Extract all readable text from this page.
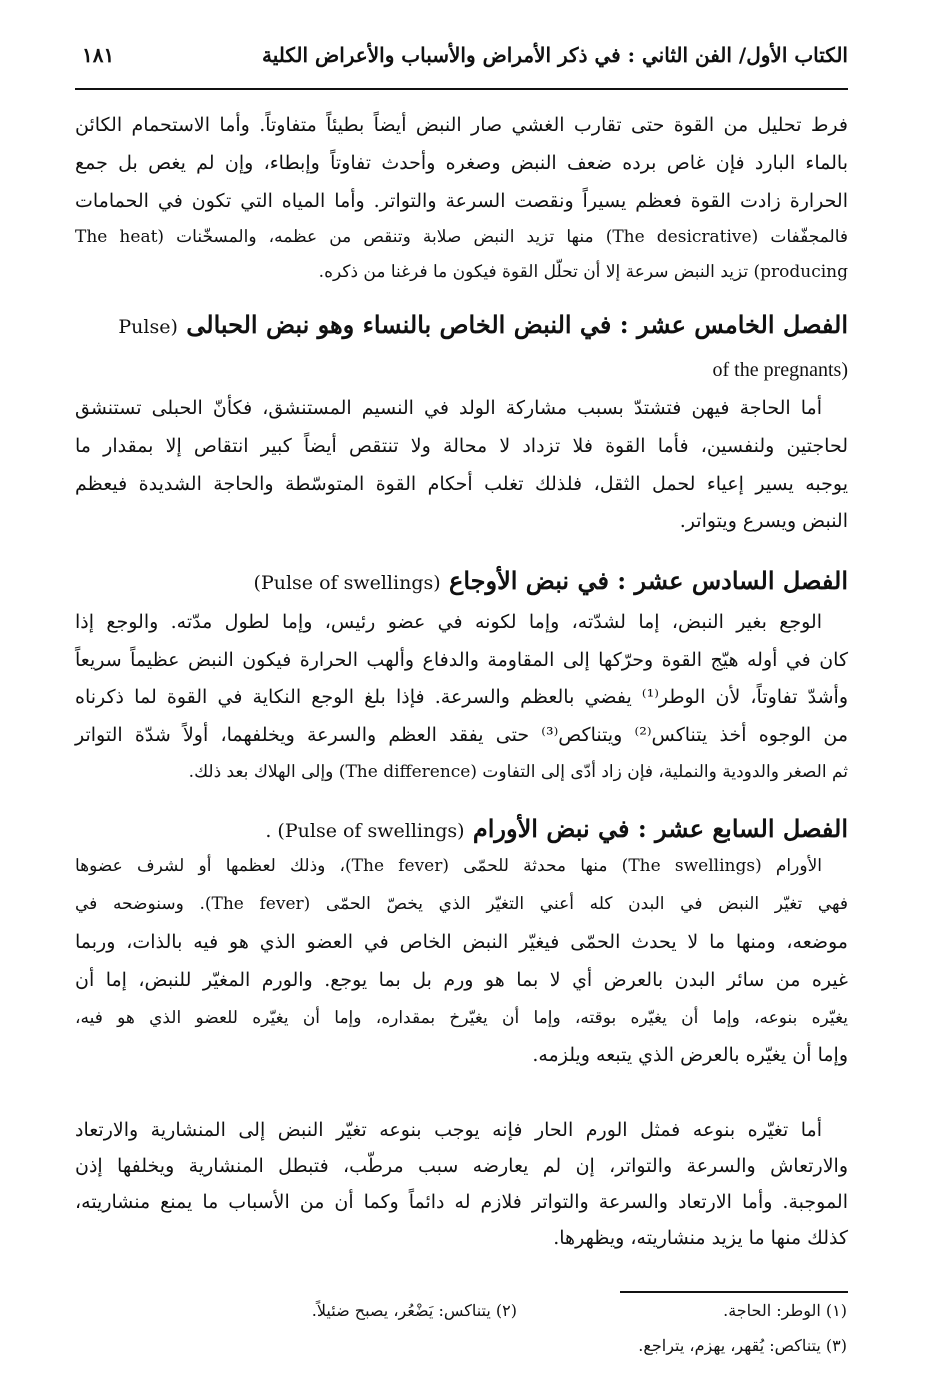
الكتاب الأول/ الفن الثاني : في ذكر الأمراض والأسباب والأعراض الكلية
١٨١
فرط تحليل من القوة حتى تقارب الغشي صار النبض أيضاً بطيئاً متفاوتاً. وأما الاستحمام الكائن
بالماء البارد فإن غاص برده ضعف النبض وصغره وأحدث تفاوتاً وإبطاء، وإن لم يغص بل جمع
الحرارة زادت القوة فعظم يسيراً ونقصت السرعة والتواتر. وأما المياه التي تكون في الحمامات
فالمجفّفات (The desicrative) منها تزيد النبض صلابة وتنقص من عظمه، والمسخّنات (The heat
producing) تزيد النبض سرعة إلا أن تحلّل القوة فيكون ما فرغنا من ذكره.
الفصل الخامس عشر : في النبض الخاص بالنساء وهو نبض الحبالى (Pulse
of the pregnants)
أما الحاجة فيهن فتشتدّ بسبب مشاركة الولد في النسيم المستنشق، فكأنّ الحبلى تستنشق
لحاجتين ولنفسين، فأما القوة فلا تزداد لا محالة ولا تنتقص أيضاً كبير انتقاص إلا بمقدار ما
يوجبه يسير إعياء لحمل الثقل، فلذلك تغلب أحكام القوة المتوسّطة والحاجة الشديدة فيعظم
النبض ويسرع ويتواتر.
الفصل السادس عشر : في نبض الأوجاع (Pulse of swellings)
الوجع بغير النبض، إما لشدّته، وإما لكونه في عضو رئيس، وإما لطول مدّته. والوجع إذا
كان في أوله هيّج القوة وحرّكها إلى المقاومة والدفاع وألهب الحرارة فيكون النبض عظيماً سريعاً
وأشدّ تفاوتاً، لأن الوطر⁽¹⁾ يفضي بالعظم والسرعة. فإذا بلغ الوجع النكاية في القوة لما ذكرناه
من الوجوه أخذ يتناكس⁽²⁾ ويتناكص⁽³⁾ حتى يفقد العظم والسرعة ويخلفهما، أولاً شدّة التواتر
ثم الصغر والدودية والنملية، فإن زاد أدّى إلى التفاوت (The difference) وإلى الهلاك بعد ذلك.
الفصل السابع عشر : في نبض الأورام (Pulse of swellings) .
الأورام (The swellings) منها محدثة للحمّى (The fever)، وذلك لعظمها أو لشرف عضوها
فهي تغيّر النبض في البدن كله أعني التغيّر الذي يخصّ الحمّى (The fever). وسنوضحه في
موضعه، ومنها ما لا يحدث الحمّى فيغيّر النبض الخاص في العضو الذي هو فيه بالذات، وربما
غيره من سائر البدن بالعرض أي لا بما هو ورم بل بما يوجع. والورم المغيّر للنبض، إما أن
يغيّره بنوعه، وإما أن يغيّره بوقته، وإما أن يغيّرخ بمقداره، وإما أن يغيّره للعضو الذي هو فيه،
وإما أن يغيّره بالعرض الذي يتبعه ويلزمه.
أما تغيّره بنوعه فمثل الورم الحار فإنه يوجب بنوعه تغيّر النبض إلى المنشارية والارتعاد
والارتعاش والسرعة والتواتر، إن لم يعارضه سبب مرطّب، فتبطل المنشارية ويخلفها إذن
الموجبة. وأما الارتعاد والسرعة والتواتر فلازم له دائماً وكما أن من الأسباب ما يمنع منشاريته،
كذلك منها ما يزيد منشاريته، ويظهرها.
(١) الوطر: الحاجة.
(٢) يتناكس: يَضْعُر، يصبح ضئيلاً.
(٣) يتناكص: يُقهر، يهزم، يتراجع.
